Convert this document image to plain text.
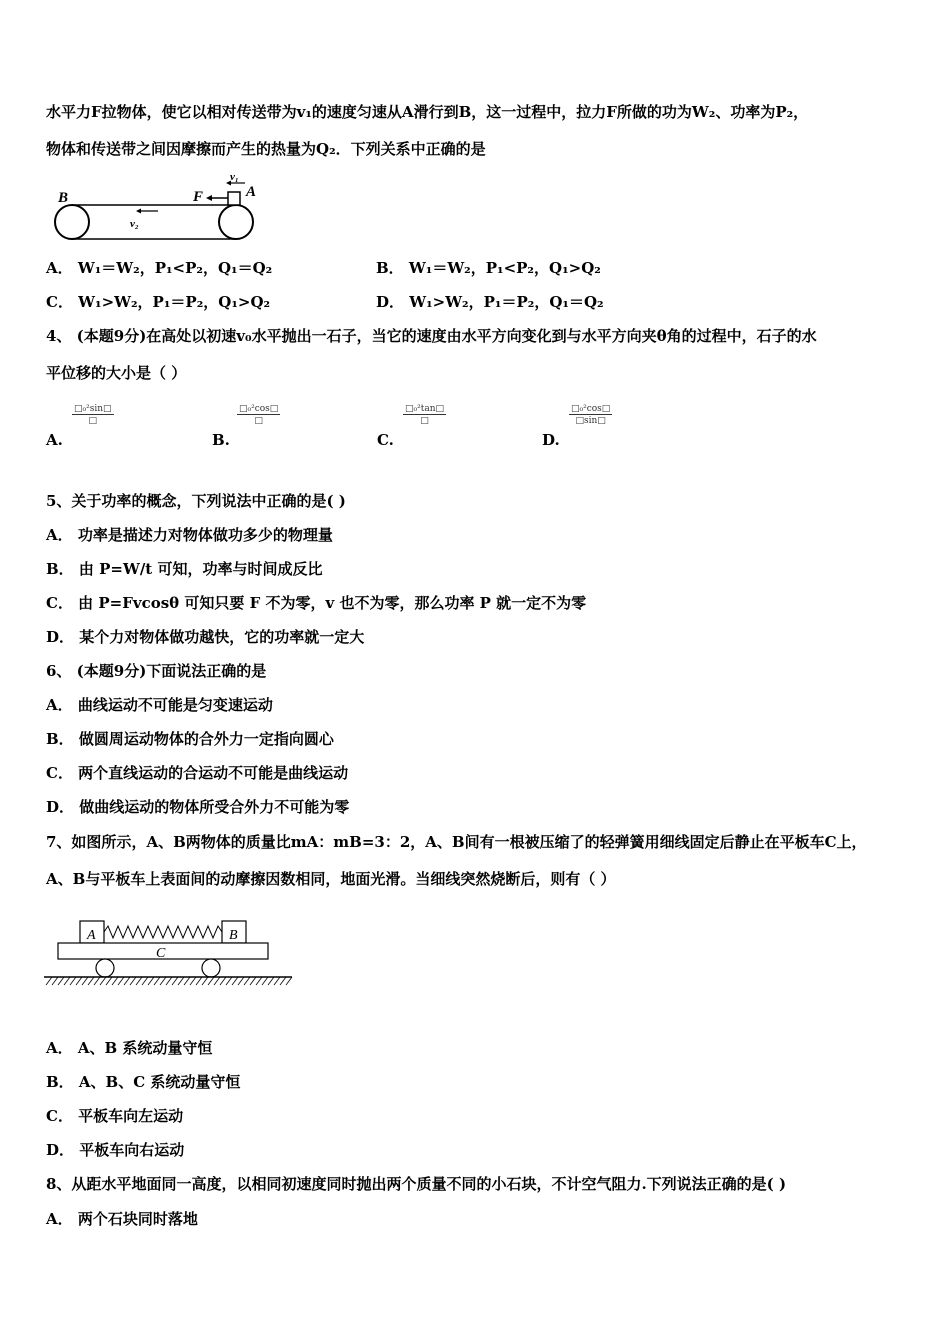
水平力F拉物体，使它以相对传送带为v₁的速度匀速从A滑行到B，这一过程中，拉力F所做的功为W₂、功率为P₂，
物体和传送带之间因摩擦而产生的热量为Q₂．下列关系中正确的是
B	A
F
v₁
v₂
A． W₁＝W₂，P₁<P₂，Q₁＝Q₂	B． W₁＝W₂，P₁<P₂，Q₁>Q₂
C． W₁>W₂，P₁＝P₂，Q₁>Q₂	D． W₁>W₂，P₁＝P₂，Q₁＝Q₂
4、 (本题9分)在高处以初速v₀水平抛出一石子，当它的速度由水平方向变化到与水平方向夹θ角的过程中，石子的水
平位移的大小是（ ）
A.
□₀²sin□
□
B.
□₀²cos□
□
C.
□₀²tan□
□
D.
$\frac{\text{□₀²cos□}}{□\sin□}$
5、关于功率的概念，下列说法中正确的是( )
A． 功率是描述力对物体做功多少的物理量
B． 由 P=W/t 可知，功率与时间成反比
C． 由 P=Fvcosθ 可知只要 F 不为零，v 也不为零，那么功率 P 就一定不为零
D． 某个力对物体做功越快，它的功率就一定大
6、 (本题9分)下面说法正确的是
A． 曲线运动不可能是匀变速运动
B． 做圆周运动物体的合外力一定指向圆心
C． 两个直线运动的合运动不可能是曲线运动
D． 做曲线运动的物体所受合外力不可能为零
7、如图所示，A、B两物体的质量比mA：mB=3：2，A、B间有一根被压缩了的轻弹簧用细线固定后静止在平板车C上，
A、B与平板车上表面间的动摩擦因数相同，地面光滑。当细线突然烧断后，则有（ ）
A	B
C
A． A、B 系统动量守恒
B． A、B、C 系统动量守恒
C． 平板车向左运动
D． 平板车向右运动
8、从距水平地面同一高度，以相同初速度同时抛出两个质量不同的小石块，不计空气阻力.下列说法正确的是( )
A． 两个石块同时落地
